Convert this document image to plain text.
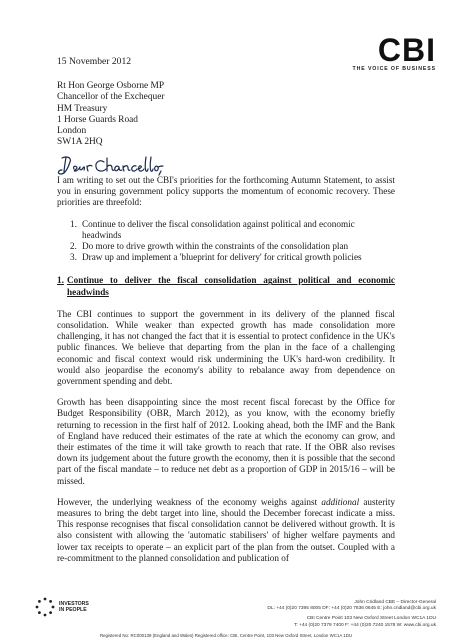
15 November 2012	CBI
THE VOICE OF BUSINESS
Rt Hon George Osborne MP
Chancellor of the Exchequer
HM Treasury
1 Horse Guards Road
London
SW1A 2HQ

I am writing to set out the CBI's priorities for the forthcoming Autumn Statement, to assist you in ensuring government policy supports the momentum of economic recovery. These priorities are threefold:

1. Continue to deliver the fiscal consolidation against political and economic headwinds
2. Do more to drive growth within the constraints of the consolidation plan
3. Draw up and implement a 'blueprint for delivery' for critical growth policies
1. Continue to deliver the fiscal consolidation against political and economic headwinds

The CBI continues to support the government in its delivery of the planned fiscal consolidation. While weaker than expected growth has made consolidation more challenging, it has not changed the fact that it is essential to protect confidence in the UK's public finances. We believe that departing from the plan in the face of a challenging economic and fiscal context would risk undermining the UK's hard-won credibility. It would also jeopardise the economy's ability to rebalance away from dependence on government spending and debt.

Growth has been disappointing since the most recent fiscal forecast by the Office for Budget Responsibility (OBR, March 2012), as you know, with the economy briefly returning to recession in the first half of 2012. Looking ahead, both the IMF and the Bank of England have reduced their estimates of the rate at which the economy can grow, and their estimates of the time it will take growth to reach that rate. If the OBR also revises down its judgement about the future growth the economy, then it is possible that the second part of the fiscal mandate – to reduce net debt as a proportion of GDP in 2015/16 – will be missed.

However, the underlying weakness of the economy weighs against additional austerity measures to bring the debt target into line, should the December forecast indicate a miss. This response recognises that fiscal consolidation cannot be delivered without growth. It is also consistent with allowing the 'automatic stabilisers' of higher welfare payments and lower tax receipts to operate – an explicit part of the plan from the outset. Coupled with a re-commitment to the planned consolidation and publication of

INVESTORS
IN PEOPLE
John Cridland CBE – Director-General
DL: +44 (0)20 7395 8005 DF: +44 (0)20 7836 0645 E: john.cridland@cbi.org.uk
CBI Centre Point 103 New Oxford Street London WC1A 1DU
T: +44 (0)20 7379 7400 F: +44 (0)20 7240 1578 W: www.cbi.org.uk
Registered No: RC000139 (England and Wales) Registered office: CBI, Centre Point, 103 New Oxford Street, London WC1A 1DU
